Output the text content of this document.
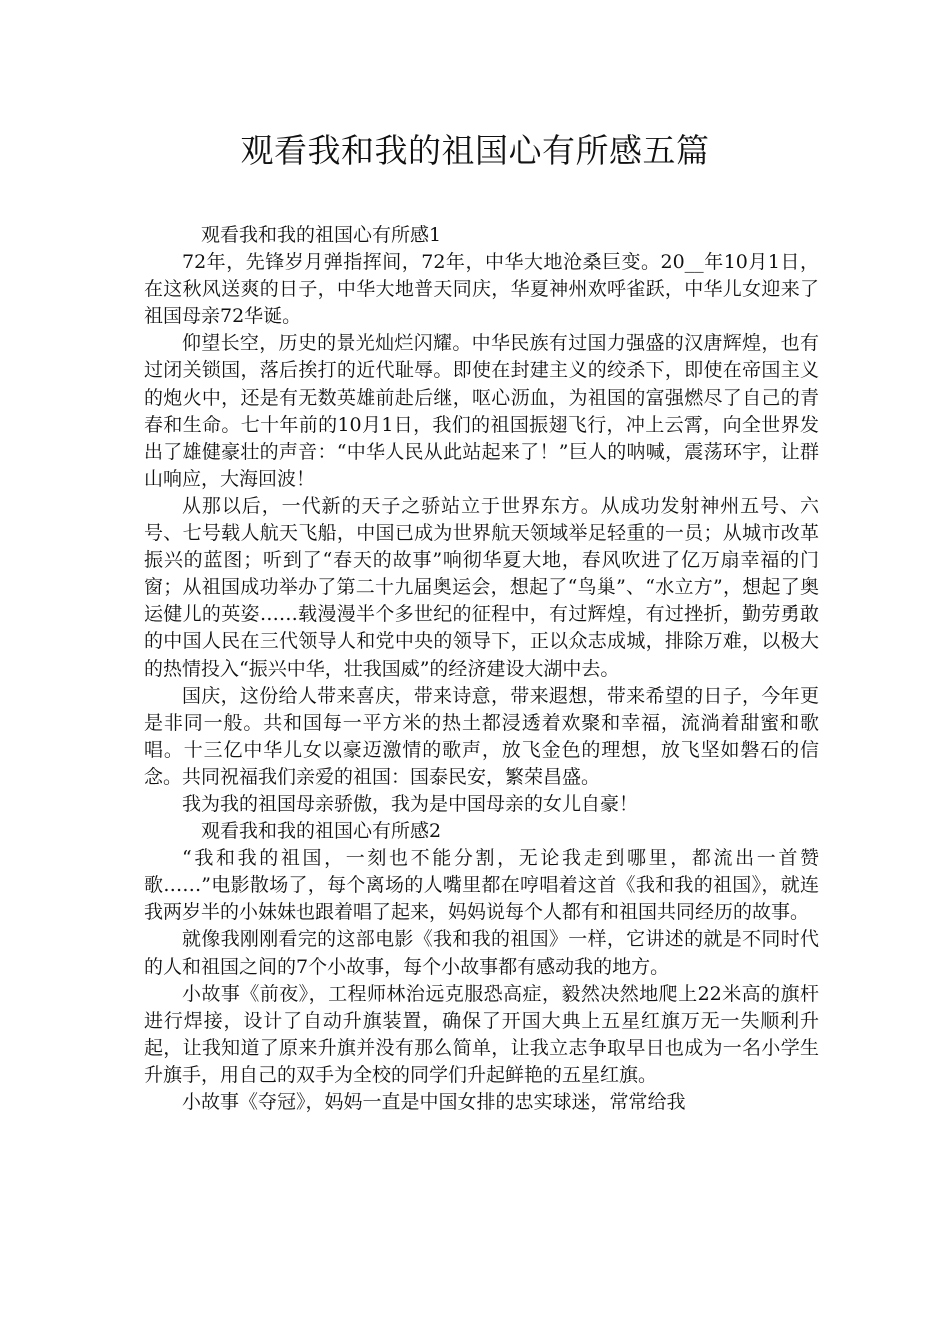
观看我和我的祖国心有所感五篇

观看我和我的祖国心有所感1

72年，先锋岁月弹指挥间，72年，中华大地沧桑巨变。20__年10月1日，在这秋风送爽的日子，中华大地普天同庆，华夏神州欢呼雀跃，中华儿女迎来了祖国母亲72华诞。

仰望长空，历史的景光灿烂闪耀。中华民族有过国力强盛的汉唐辉煌，也有过闭关锁国，落后挨打的近代耻辱。即使在封建主义的绞杀下，即使在帝国主义的炮火中，还是有无数英雄前赴后继，呕心沥血，为祖国的富强燃尽了自己的青春和生命。七十年前的10月1日，我们的祖国振翅飞行，冲上云霄，向全世界发出了雄健豪壮的声音：“中华人民从此站起来了！”巨人的呐喊，震荡环宇，让群山响应，大海回波！

从那以后，一代新的天子之骄站立于世界东方。从成功发射神州五号、六号、七号载人航天飞船，中国已成为世界航天领域举足轻重的一员；从城市改革振兴的蓝图；听到了“春天的故事”响彻华夏大地，春风吹进了亿万扇幸福的门窗；从祖国成功举办了第二十九届奥运会，想起了“鸟巢”、“水立方”，想起了奥运健儿的英姿……载漫漫半个多世纪的征程中，有过辉煌，有过挫折，勤劳勇敢的中国人民在三代领导人和党中央的领导下，正以众志成城，排除万难，以极大的热情投入“振兴中华，壮我国威”的经济建设大湖中去。

国庆，这份给人带来喜庆，带来诗意，带来遐想，带来希望的日子，今年更是非同一般。共和国每一平方米的热土都浸透着欢聚和幸福，流淌着甜蜜和歌唱。十三亿中华儿女以豪迈激情的歌声，放飞金色的理想，放飞坚如磐石的信念。共同祝福我们亲爱的祖国：国泰民安，繁荣昌盛。

我为我的祖国母亲骄傲，我为是中国母亲的女儿自豪！

观看我和我的祖国心有所感2

“我和我的祖国，一刻也不能分割，无论我走到哪里，都流出一首赞歌……”电影散场了，每个离场的人嘴里都在哼唱着这首《我和我的祖国》，就连我两岁半的小妹妹也跟着唱了起来，妈妈说每个人都有和祖国共同经历的故事。

就像我刚刚看完的这部电影《我和我的祖国》一样，它讲述的就是不同时代的人和祖国之间的7个小故事，每个小故事都有感动我的地方。

小故事《前夜》，工程师林治远克服恐高症，毅然决然地爬上22米高的旗杆进行焊接，设计了自动升旗装置，确保了开国大典上五星红旗万无一失顺利升起，让我知道了原来升旗并没有那么简单，让我立志争取早日也成为一名小学生升旗手，用自己的双手为全校的同学们升起鲜艳的五星红旗。

小故事《夺冠》，妈妈一直是中国女排的忠实球迷，常常给我
